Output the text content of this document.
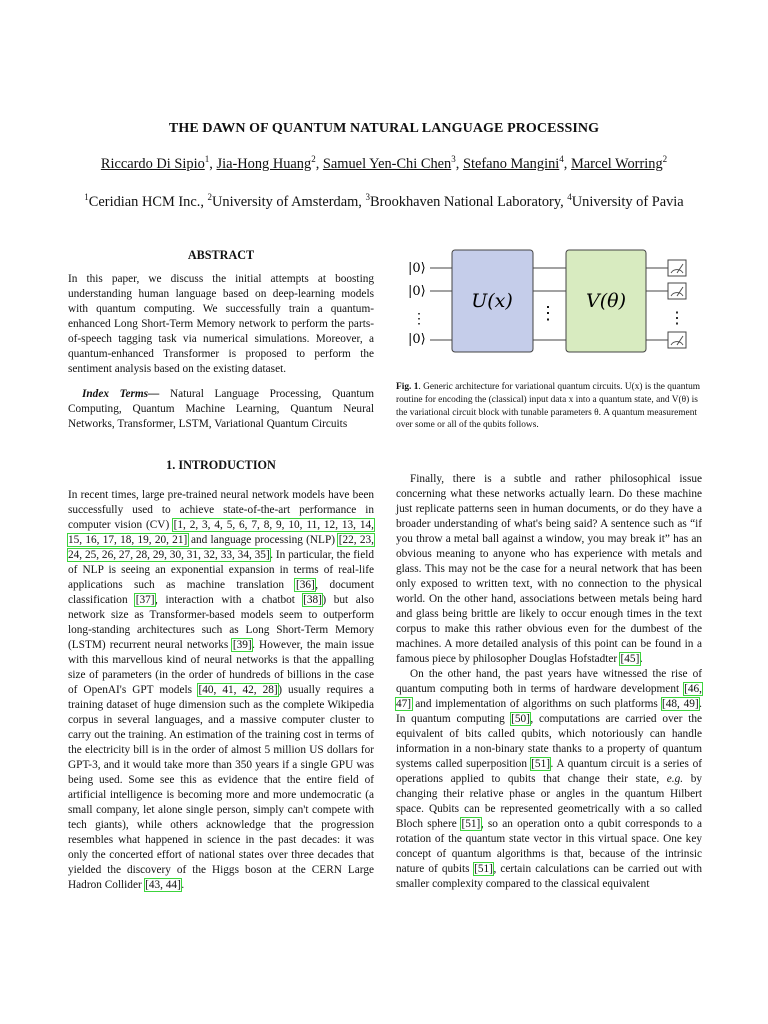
THE DAWN OF QUANTUM NATURAL LANGUAGE PROCESSING
Riccardo Di Sipio$^1$, Jia-Hong Huang$^2$, Samuel Yen-Chi Chen$^3$, Stefano Mangini$^4$, Marcel Worring$^2$
$^1$Ceridian HCM Inc., $^2$University of Amsterdam, $^3$Brookhaven National Laboratory, $^4$University of Pavia
ABSTRACT

In this paper, we discuss the initial attempts at boosting understanding human language based on deep-learning models with quantum computing. We successfully train a quantum-enhanced Long Short-Term Memory network to perform the parts-of-speech tagging task via numerical simulations. Moreover, a quantum-enhanced Transformer is proposed to perform the sentiment analysis based on the existing dataset.

Index Terms— Natural Language Processing, Quantum Computing, Quantum Machine Learning, Quantum Neural Networks, Transformer, LSTM, Variational Quantum Circuits

1. INTRODUCTION

In recent times, large pre-trained neural network models have been successfully used to achieve state-of-the-art performance in computer vision (CV) [1, 2, 3, 4, 5, 6, 7, 8, 9, 10, 11, 12, 13, 14, 15, 16, 17, 18, 19, 20, 21] and language processing (NLP) [22, 23, 24, 25, 26, 27, 28, 29, 30, 31, 32, 33, 34, 35]. In particular, the field of NLP is seeing an exponential expansion in terms of real-life applications such as machine translation [36], document classification [37], interaction with a chatbot [38]) but also network size as Transformer-based models seem to outperform long-standing architectures such as Long Short-Term Memory (LSTM) recurrent neural networks [39]. However, the main issue with this marvellous kind of neural networks is that the appalling size of parameters (in the order of hundreds of billions in the case of OpenAI's GPT models [40, 41, 42, 28]) usually requires a training dataset of huge dimension such as the complete Wikipedia corpus in several languages, and a massive computer cluster to carry out the training. An estimation of the training cost in terms of the electricity bill is in the order of almost 5 million US dollars for GPT-3, and it would take more than 350 years if a single GPU was being used. Some see this as evidence that the entire field of artificial intelligence is becoming more and more undemocratic (a small company, let alone single person, simply can't compete with tech giants), while others acknowledge that the progression resembles what happened in science in the past decades: it was only the concerted effort of national states over three decades that yielded the discovery of the Higgs boson at the CERN Large Hadron Collider [43, 44].

|0⟩
|0⟩
⋮
|0⟩
U(x)
⋮
V(θ)
⋮

Fig. 1. Generic architecture for variational quantum circuits. U(x) is the quantum routine for encoding the (classical) input data x into a quantum state, and V(θ) is the variational circuit block with tunable parameters θ. A quantum measurement over some or all of the qubits follows.

Finally, there is a subtle and rather philosophical issue concerning what these networks actually learn. Do these machine just replicate patterns seen in human documents, or do they have a broader understanding of what's being said? A sentence such as “if you throw a metal ball against a window, you may break it” has an obvious meaning to anyone who has experience with metals and glass. This may not be the case for a neural network that has been only exposed to written text, with no connection to the physical world. On the other hand, associations between metals being hard and glass being brittle are likely to occur enough times in the text corpus to make this rather obvious even for the dumbest of the machines. A more detailed analysis of this point can be found in a famous piece by philosopher Douglas Hofstadter [45].

On the other hand, the past years have witnessed the rise of quantum computing both in terms of hardware development [46, 47] and implementation of algorithms on such platforms [48, 49]. In quantum computing [50], computations are carried over the equivalent of bits called qubits, which notoriously can handle information in a non-binary state thanks to a property of quantum systems called superposition [51]. A quantum circuit is a series of operations applied to qubits that change their state, e.g. by changing their relative phase or angles in the quantum Hilbert space. Qubits can be represented geometrically with a so called Bloch sphere [51], so an operation onto a qubit corresponds to a rotation of the quantum state vector in this virtual space. One key concept of quantum algorithms is that, because of the intrinsic nature of qubits [51], certain calculations can be carried out with smaller complexity compared to the classical equivalent
